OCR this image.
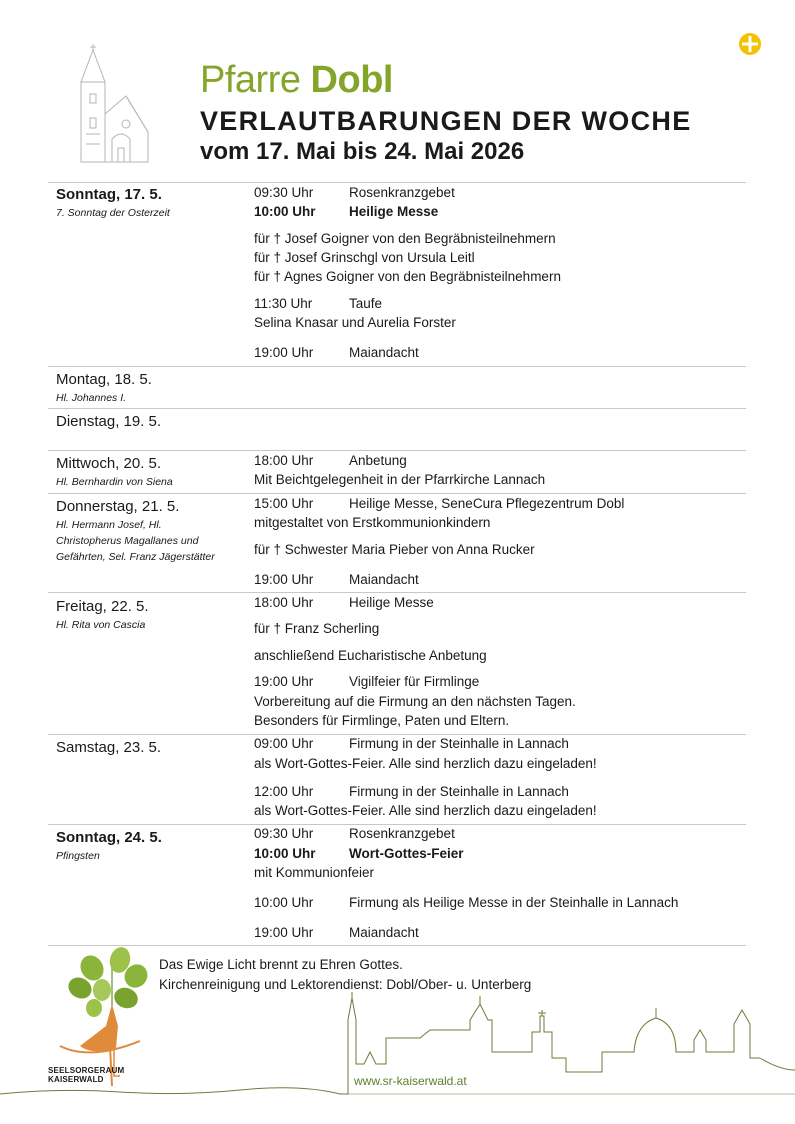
Pfarre Dobl
VERLAUTBARUNGEN DER WOCHE
vom 17. Mai bis 24. Mai 2026
Sonntag, 17. 5.
7. Sonntag der Osterzeit
09:30 Uhr	Rosenkranzgebet
10:00 Uhr Heilige Messe
für † Josef Goigner von den Begräbnisteilnehmern
für † Josef Grinschgl von Ursula Leitl
für † Agnes Goigner von den Begräbnisteilnehmern
11:30 Uhr	Taufe
Selina Knasar und Aurelia Forster
19:00 Uhr	Maiandacht
Montag, 18. 5.
Hl. Johannes I.
Dienstag, 19. 5.
Mittwoch, 20. 5.
Hl. Bernhardin von Siena
18:00 Uhr	Anbetung
Mit Beichtgelegenheit in der Pfarrkirche Lannach
Donnerstag, 21. 5.
Hl. Hermann Josef, Hl.
Christopherus Magallanes und
Gefährten, Sel. Franz Jägerstätter
15:00 Uhr	Heilige Messe, SeneCura Pflegezentrum Dobl
mitgestaltet von Erstkommunionkindern
für † Schwester Maria Pieber von Anna Rucker
19:00 Uhr	Maiandacht
Freitag, 22. 5.
Hl. Rita von Cascia
18:00 Uhr	Heilige Messe
für † Franz Scherling
anschließend Eucharistische Anbetung
19:00 Uhr	Vigilfeier für Firmlinge
Vorbereitung auf die Firmung an den nächsten Tagen.
Besonders für Firmlinge, Paten und Eltern.
Samstag, 23. 5.	09:00 Uhr	Firmung in der Steinhalle in Lannach
als Wort-Gottes-Feier. Alle sind herzlich dazu eingeladen!
12:00 Uhr	Firmung in der Steinhalle in Lannach
als Wort-Gottes-Feier. Alle sind herzlich dazu eingeladen!
Sonntag, 24. 5.
Pfingsten
09:30 Uhr	Rosenkranzgebet
10:00 Uhr Wort-Gottes-Feier
mit Kommunionfeier
10:00 Uhr	Firmung als Heilige Messe in der Steinhalle in Lannach
19:00 Uhr	Maiandacht
Das Ewige Licht brennt zu Ehren Gottes.
Kirchenreinigung und Lektorendienst: Dobl/Ober- u. Unterberg
SEELSORGERAUM
KAISERWALD	www.sr-kaiserwald.at
